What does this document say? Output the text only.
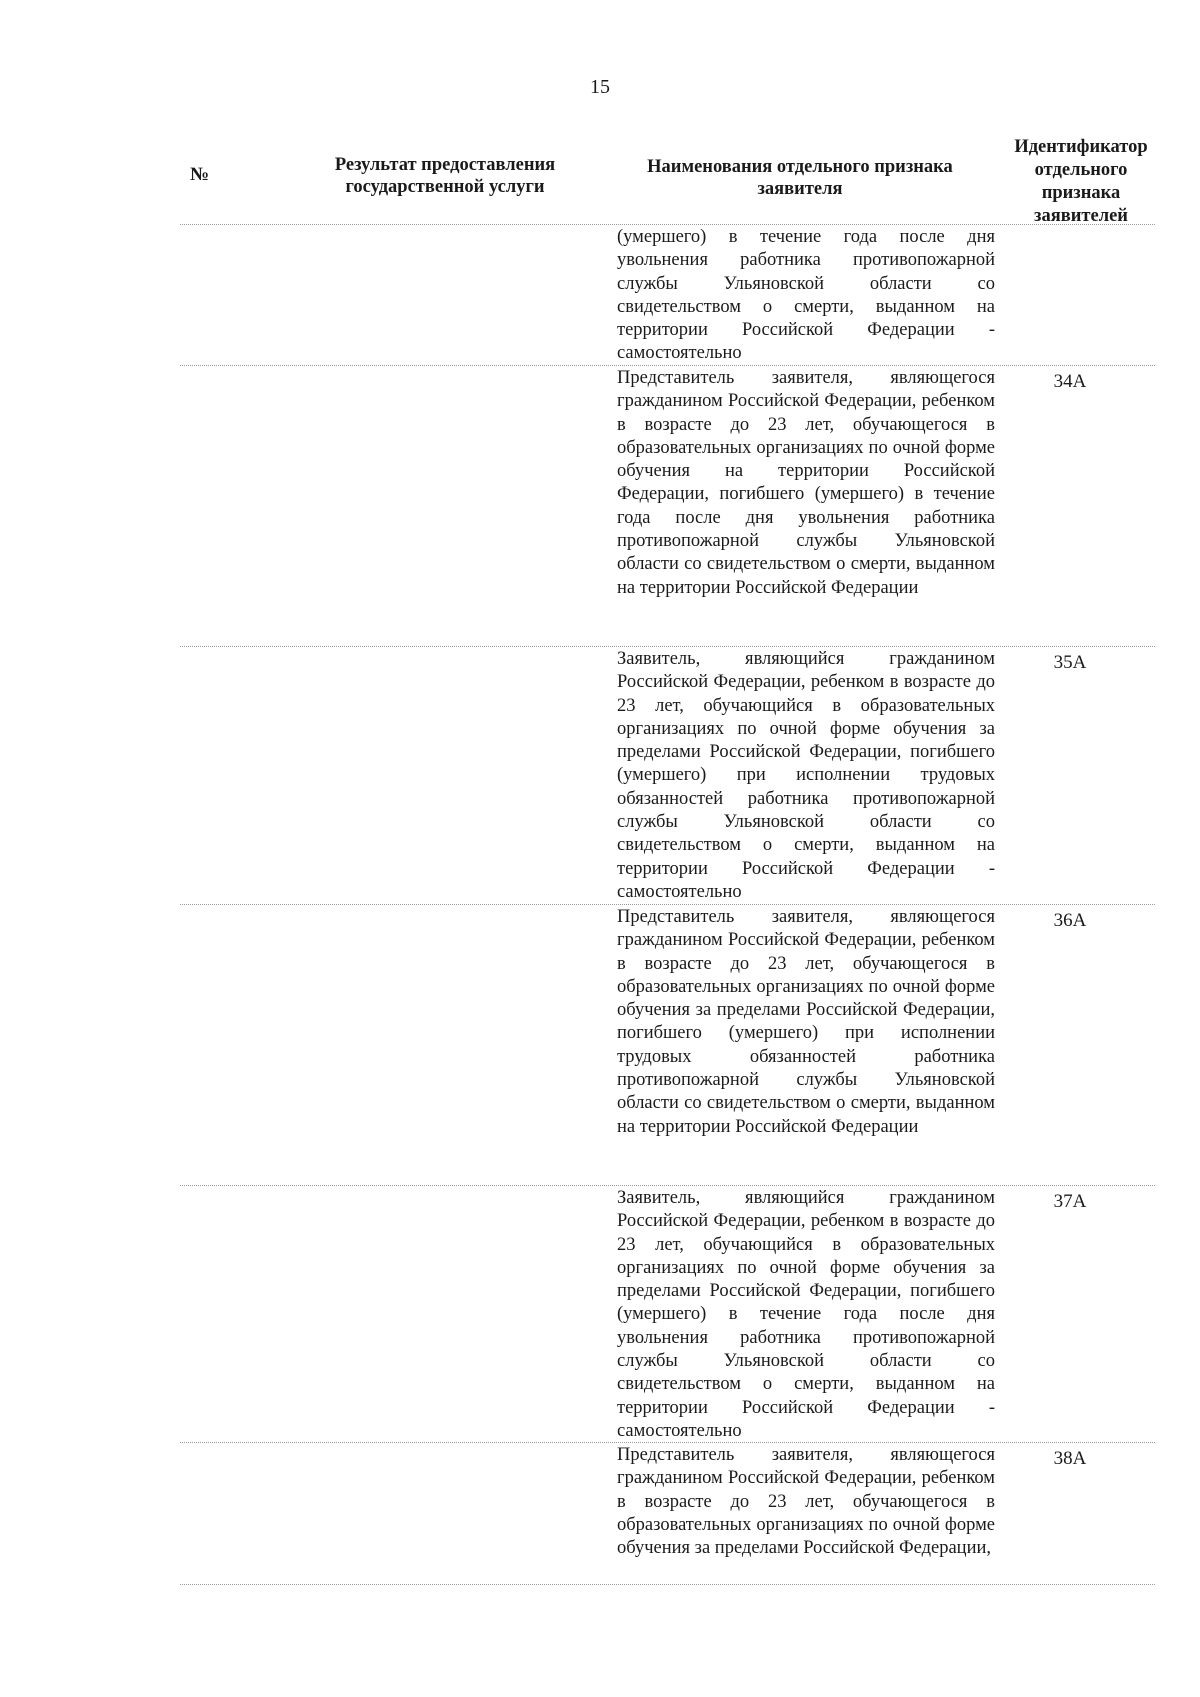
15
№	Результат предоставления государственной услуги
Наименования отдельного признака заявителя
Идентификатор отдельного признака заявителей
(умершего) в течение года после дня увольнения работника противопожарной службы Ульяновской области со свидетельством о смерти, выданном на территории Российской Федерации - самостоятельно
Представитель заявителя, являющегося гражданином Российской Федерации, ребенком в возрасте до 23 лет, обучающегося в образовательных организациях по очной форме обучения на территории Российской Федерации, погибшего (умершего) в течение года после дня увольнения работника противопожарной службы Ульяновской области со свидетельством о смерти, выданном на территории Российской Федерации
34А
Заявитель, являющийся гражданином Российской Федерации, ребенком в возрасте до 23 лет, обучающийся в образовательных организациях по очной форме обучения за пределами Российской Федерации, погибшего (умершего) при исполнении трудовых обязанностей работника противопожарной службы Ульяновской области со свидетельством о смерти, выданном на территории Российской Федерации - самостоятельно
35А
Представитель заявителя, являющегося гражданином Российской Федерации, ребенком в возрасте до 23 лет, обучающегося в образовательных организациях по очной форме обучения за пределами Российской Федерации, погибшего (умершего) при исполнении трудовых обязанностей работника противопожарной службы Ульяновской области со свидетельством о смерти, выданном на территории Российской Федерации
36А
Заявитель, являющийся гражданином Российской Федерации, ребенком в возрасте до 23 лет, обучающийся в образовательных организациях по очной форме обучения за пределами Российской Федерации, погибшего (умершего) в течение года после дня увольнения работника противопожарной службы Ульяновской области со свидетельством о смерти, выданном на территории Российской Федерации - самостоятельно
37А
Представитель заявителя, являющегося гражданином Российской Федерации, ребенком в возрасте до 23 лет, обучающегося в образовательных организациях по очной форме обучения за пределами Российской Федерации,
38А
